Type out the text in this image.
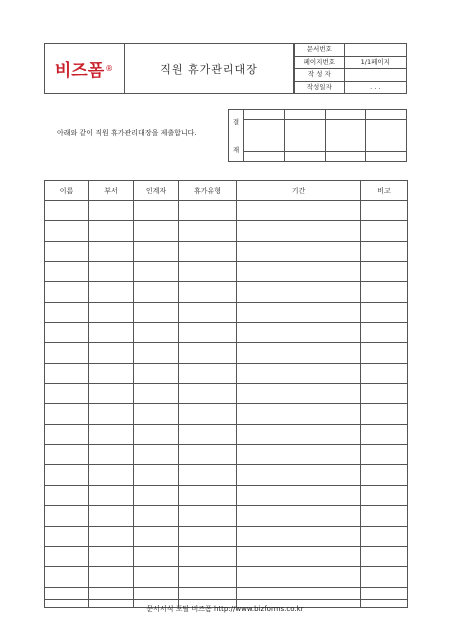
비즈폼 ®	직원 휴가관리대장
문서번호	
페이지번호	1/1페이지
작 성 자	
작성일자	. . .
아래와 같이 직원 휴가관리대장을 제출합니다.
결

재				

이름	부서	인계자	휴가유형	기간	비고

문서서식 포탈 비즈폼 http://www.bizforms.co.kr
